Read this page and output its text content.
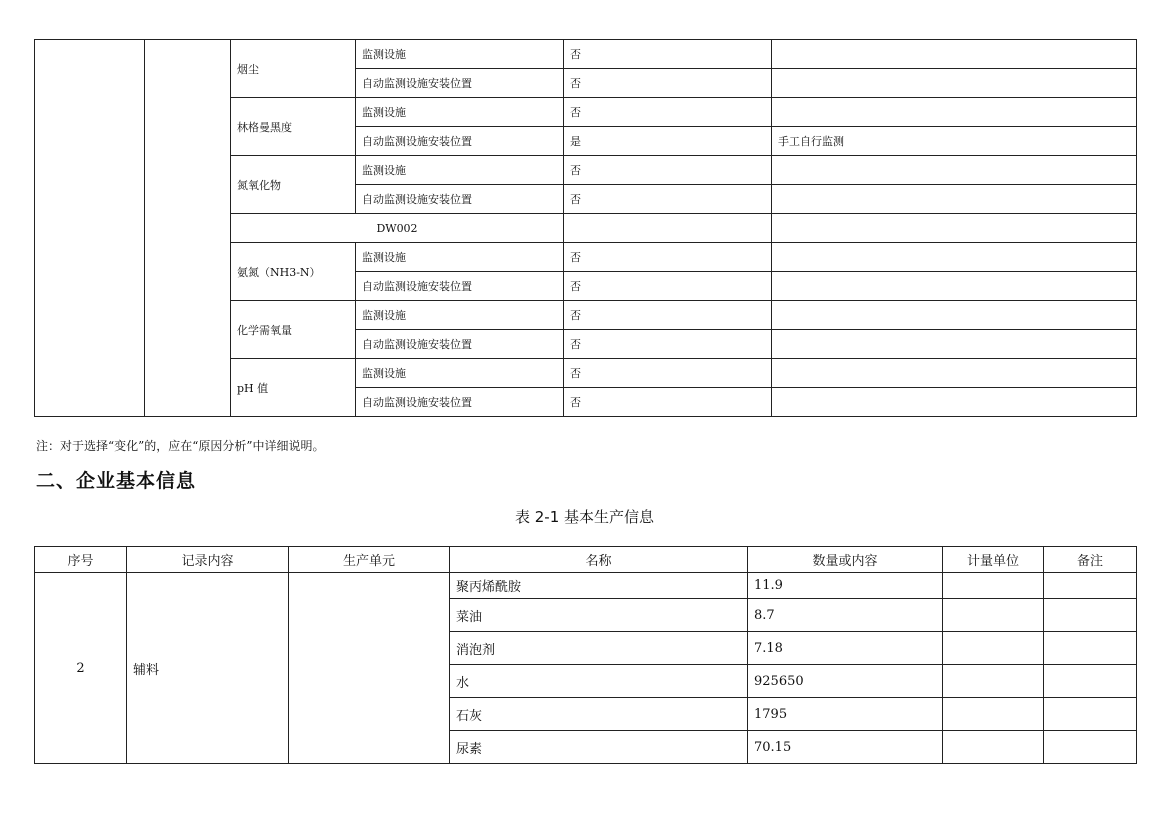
		烟尘	监测设施	否	
			自动监测设施安装位置	否	
		林格曼黑度	监测设施	否	
			自动监测设施安装位置	是	手工自行监测
		氮氧化物	监测设施	否	
			自动监测设施安装位置	否	
		DW002			
		氨氮（NH3-N）	监测设施	否	
			自动监测设施安装位置	否	
		化学需氧量	监测设施	否	
			自动监测设施安装位置	否	
		pH 值	监测设施	否	
			自动监测设施安装位置	否	
注：对于选择“变化”的，应在“原因分析”中详细说明。
二、企业基本信息
表 2-1 基本生产信息
序号	记录内容	生产单元	名称	数量或内容	计量单位	备注
2	辅料		聚丙烯酰胺	11.9		
			菜油	8.7		
			消泡剂	7.18		
			水	925650		
			石灰	1795		
			尿素	70.15		
